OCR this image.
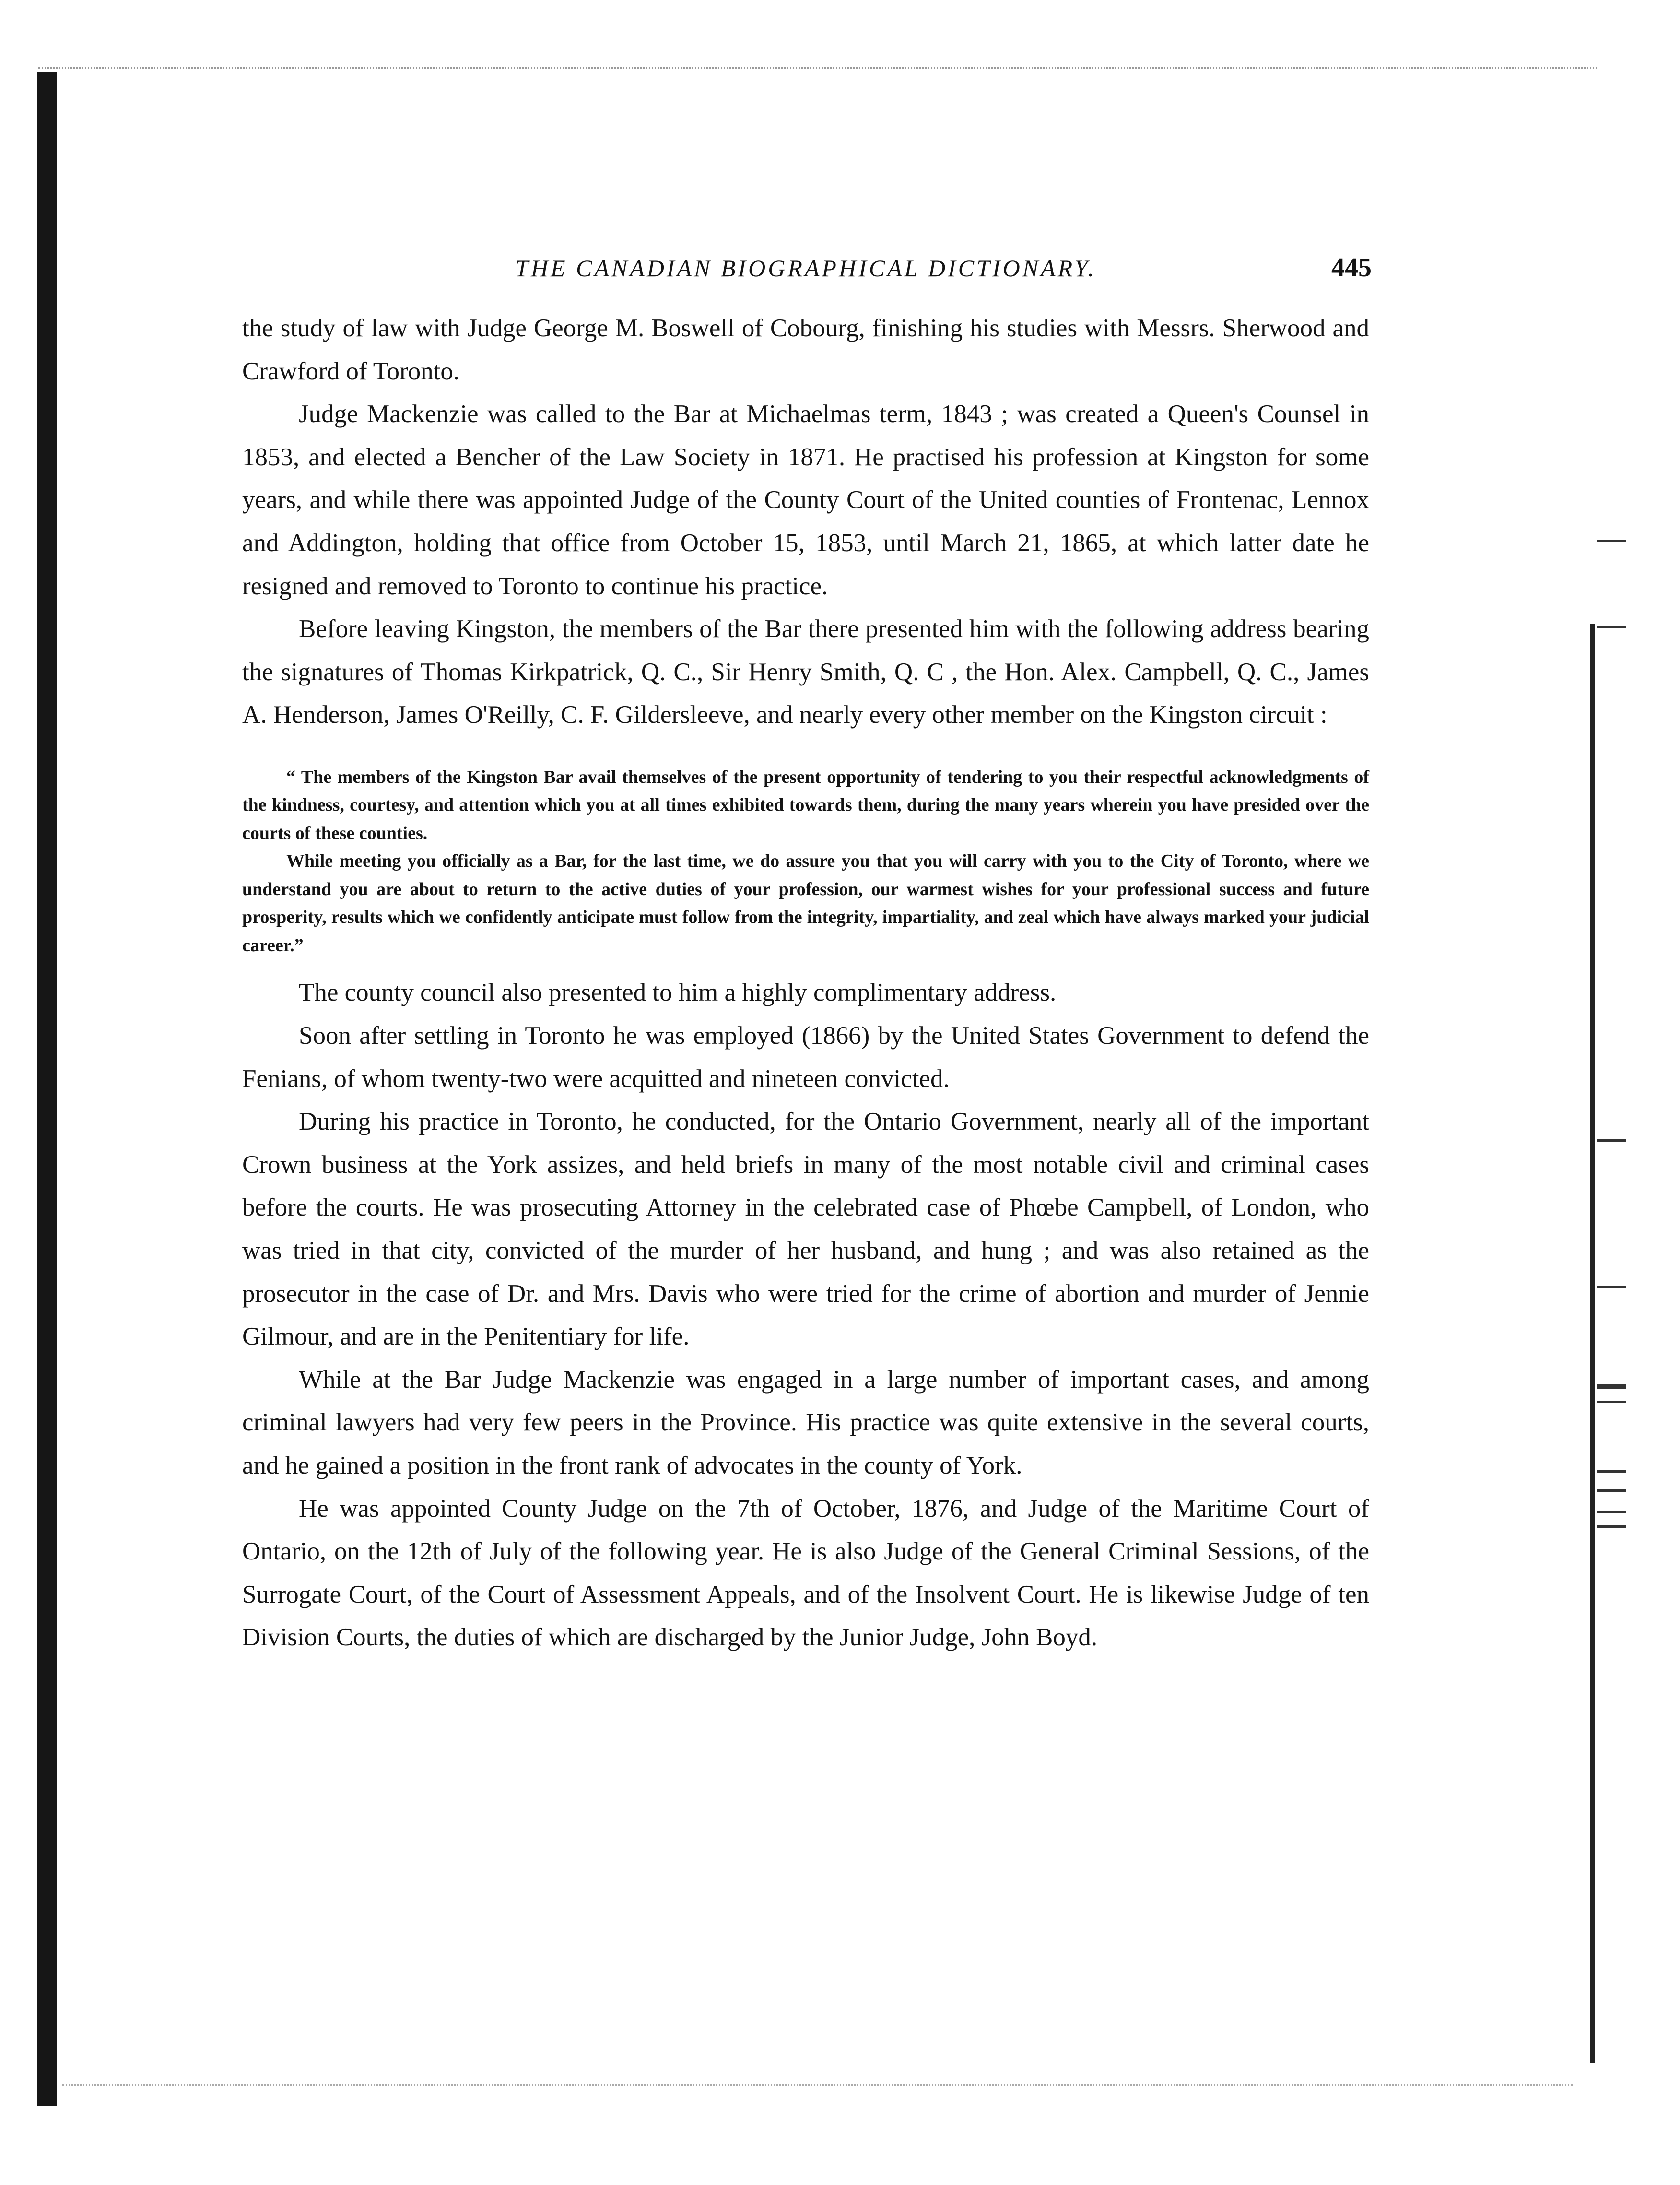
THE CANADIAN BIOGRAPHICAL DICTIONARY.	445

the study of law with Judge George M. Boswell of Cobourg, finishing his studies with Messrs. Sherwood and Crawford of Toronto.

Judge Mackenzie was called to the Bar at Michaelmas term, 1843 ; was created a Queen's Counsel in 1853, and elected a Bencher of the Law Society in 1871. He practised his profession at Kingston for some years, and while there was appointed Judge of the County Court of the United counties of Frontenac, Lennox and Addington, holding that office from October 15, 1853, until March 21, 1865, at which latter date he resigned and removed to Toronto to continue his practice.

Before leaving Kingston, the members of the Bar there presented him with the following address bearing the signatures of Thomas Kirkpatrick, Q. C., Sir Henry Smith, Q. C , the Hon. Alex. Campbell, Q. C., James A. Henderson, James O'Reilly, C. F. Gildersleeve, and nearly every other member on the Kingston circuit :

“ The members of the Kingston Bar avail themselves of the present opportunity of tendering to you their respectful acknowledgments of the kindness, courtesy, and attention which you at all times exhibited towards them, during the many years wherein you have presided over the courts of these counties.

While meeting you officially as a Bar, for the last time, we do assure you that you will carry with you to the City of Toronto, where we understand you are about to return to the active duties of your profession, our warmest wishes for your professional success and future prosperity, results which we confidently anticipate must follow from the integrity, impartiality, and zeal which have always marked your judicial career.”

The county council also presented to him a highly complimentary address.

Soon after settling in Toronto he was employed (1866) by the United States Government to defend the Fenians, of whom twenty-two were acquitted and nineteen convicted.

During his practice in Toronto, he conducted, for the Ontario Government, nearly all of the important Crown business at the York assizes, and held briefs in many of the most notable civil and criminal cases before the courts. He was prosecuting Attorney in the celebrated case of Phœbe Campbell, of London, who was tried in that city, convicted of the murder of her husband, and hung ; and was also retained as the prosecutor in the case of Dr. and Mrs. Davis who were tried for the crime of abortion and murder of Jennie Gilmour, and are in the Penitentiary for life.

While at the Bar Judge Mackenzie was engaged in a large number of important cases, and among criminal lawyers had very few peers in the Province. His practice was quite extensive in the several courts, and he gained a position in the front rank of advocates in the county of York.

He was appointed County Judge on the 7th of October, 1876, and Judge of the Maritime Court of Ontario, on the 12th of July of the following year. He is also Judge of the General Criminal Sessions, of the Surrogate Court, of the Court of Assessment Appeals, and of the Insolvent Court. He is likewise Judge of ten Division Courts, the duties of which are discharged by the Junior Judge, John Boyd.
